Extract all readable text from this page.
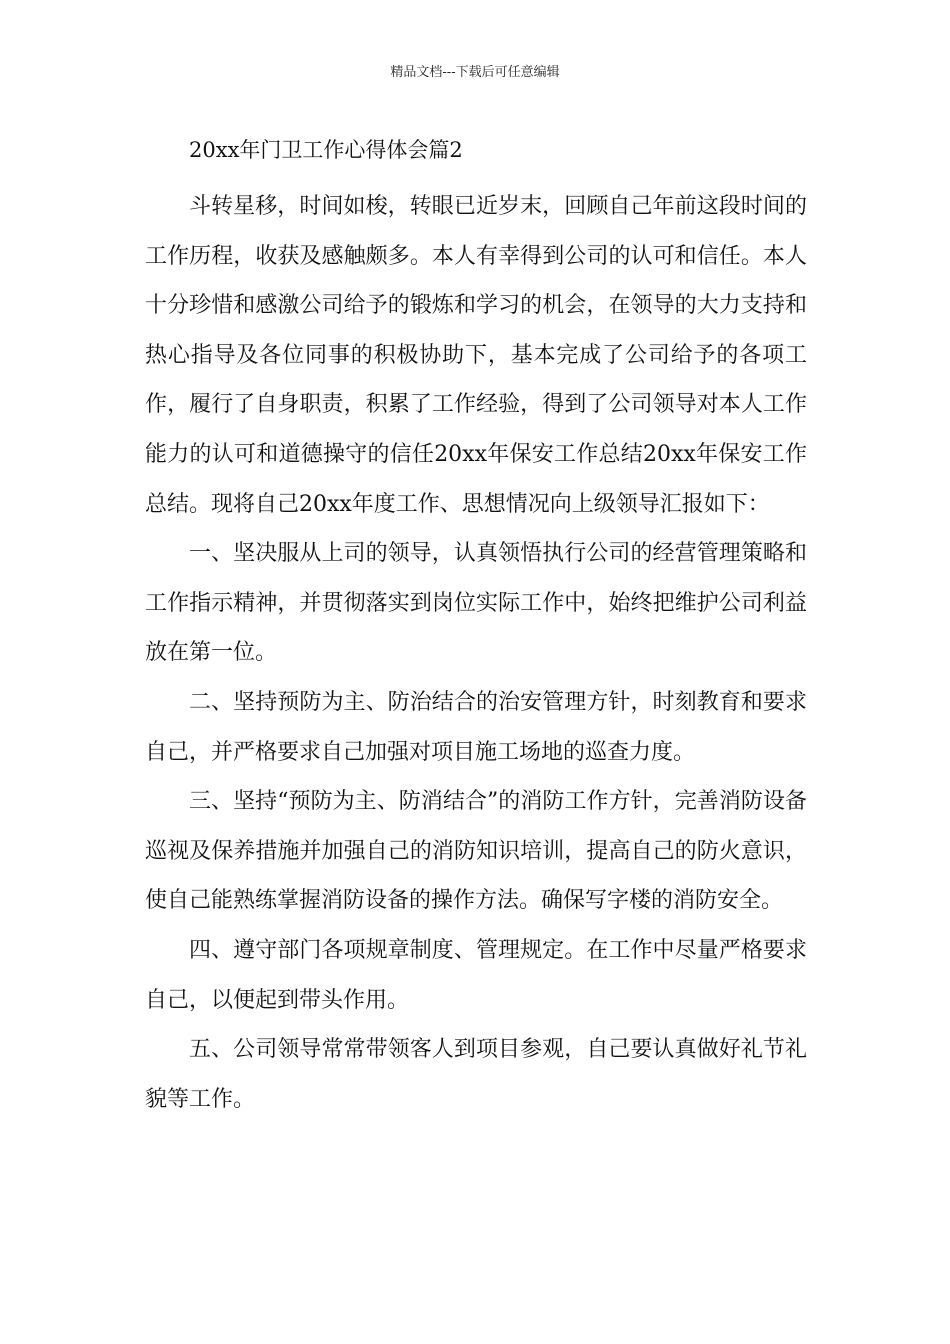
精品文档---下载后可任意编辑
20xx年门卫工作心得体会篇2

斗转星移，时间如梭，转眼已近岁末，回顾自己年前这段时间的工作历程，收获及感触颇多。本人有幸得到公司的认可和信任。本人十分珍惜和感激公司给予的锻炼和学习的机会，在领导的大力支持和热心指导及各位同事的积极协助下，基本完成了公司给予的各项工作，履行了自身职责，积累了工作经验，得到了公司领导对本人工作能力的认可和道德操守的信任20xx年保安工作总结20xx年保安工作总结。现将自己20xx年度工作、思想情况向上级领导汇报如下：

一、坚决服从上司的领导，认真领悟执行公司的经营管理策略和工作指示精神，并贯彻落实到岗位实际工作中，始终把维护公司利益放在第一位。

二、坚持预防为主、防治结合的治安管理方针，时刻教育和要求自己，并严格要求自己加强对项目施工场地的巡查力度。

三、坚持“预防为主、防消结合”的消防工作方针，完善消防设备巡视及保养措施并加强自己的消防知识培训，提高自己的防火意识，使自己能熟练掌握消防设备的操作方法。确保写字楼的消防安全。

四、遵守部门各项规章制度、管理规定。在工作中尽量严格要求自己，以便起到带头作用。

五、公司领导常常带领客人到项目参观，自己要认真做好礼节礼貌等工作。
